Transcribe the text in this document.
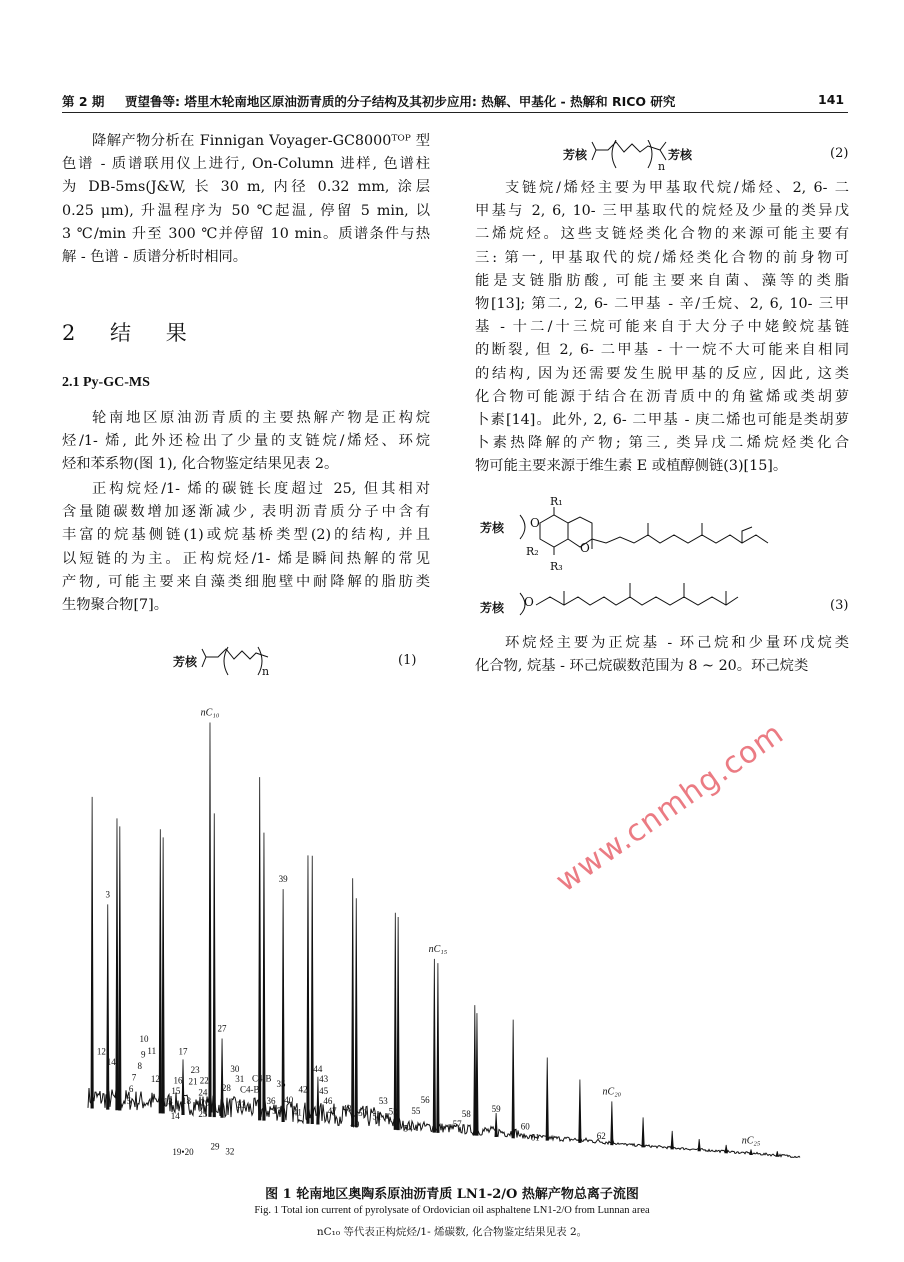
第 2 期 贾望鲁等: 塔里木轮南地区原油沥青质的分子结构及其初步应用: 热解、甲基化 - 热解和 RICO 研究	141
降解产物分析在 Finnigan Voyager-GC8000ᵀᴼᴾ 型
色谱 - 质谱联用仪上进行, On-Column 进样, 色谱柱
为 DB-5ms(J&W, 长 30 m, 内径 0.32 mm, 涂层
0.25 μm), 升温程序为 50 ℃起温, 停留 5 min, 以
3 ℃/min 升至 300 ℃并停留 10 min。质谱条件与热
解 - 色谱 - 质谱分析时相同。
轮南地区原油沥青质的主要热解产物是正构烷
烃/1- 烯, 此外还检出了少量的支链烷/烯烃、环烷
烃和苯系物(图 1), 化合物鉴定结果见表 2。
正构烷烃/1- 烯的碳链长度超过 25, 但其相对
含量随碳数增加逐渐减少, 表明沥青质分子中含有
丰富的烷基侧链(1)或烷基桥类型(2)的结构, 并且
以短链的为主。正构烷烃/1- 烯是瞬间热解的常见
产物, 可能主要来自藻类细胞壁中耐降解的脂肪类
生物聚合物[7]。
2 结 果
2.1 Py-GC-MS
芳核
n
(1)
芳核	芳核
n
(2)
支链烷/烯烃主要为甲基取代烷/烯烃、2, 6- 二
甲基与 2, 6, 10- 三甲基取代的烷烃及少量的类异戊
二烯烷烃。这些支链烃类化合物的来源可能主要有
三: 第一, 甲基取代的烷/烯烃类化合物的前身物可
能是支链脂肪酸, 可能主要来自菌、藻等的类脂
物[13]; 第二, 2, 6- 二甲基 - 辛/壬烷、2, 6, 10- 三甲
基 - 十二/十三烷可能来自于大分子中姥鲛烷基链
的断裂, 但 2, 6- 二甲基 - 十一烷不大可能来自相同
的结构, 因为还需要发生脱甲基的反应, 因此, 这类
化合物可能源于结合在沥青质中的角鲨烯或类胡萝
卜素[14]。此外, 2, 6- 二甲基 - 庚二烯也可能是类胡萝
卜素热降解的产物; 第三, 类异戊二烯烷烃类化合
物可能主要来源于维生素 E 或植醇侧链(3)[15]。
环烷烃主要为正烷基 - 环己烷和少量环戊烷类
化合物, 烷基 - 环己烷碳数范围为 8 ~ 20。环己烷类
芳核 O
O
R₁
R₂
R₃
芳核 O	(3)
nC₁₀
3
39
nC₁₅
nC₂₀
nC₂₅
12
14
10
9
8
11
7
6
5
12
17
16
13
15
14
18
21
23
22
24
26
25
19•20
27
29 32
28
30
31
C4-B
33
C4-B
35
36
37
40
41
42
44
43
45
46
47 48
49
50 51
53
52
54
55
56
57
58 59
60
61	62
图 1 轮南地区奥陶系原油沥青质 LN1-2/O 热解产物总离子流图
Fig. 1 Total ion current of pyrolysate of Ordovician oil asphaltene LN1-2/O from Lunnan area
nC₁₀ 等代表正构烷烃/1- 烯碳数, 化合物鉴定结果见表 2。
www.cnmhg.com
